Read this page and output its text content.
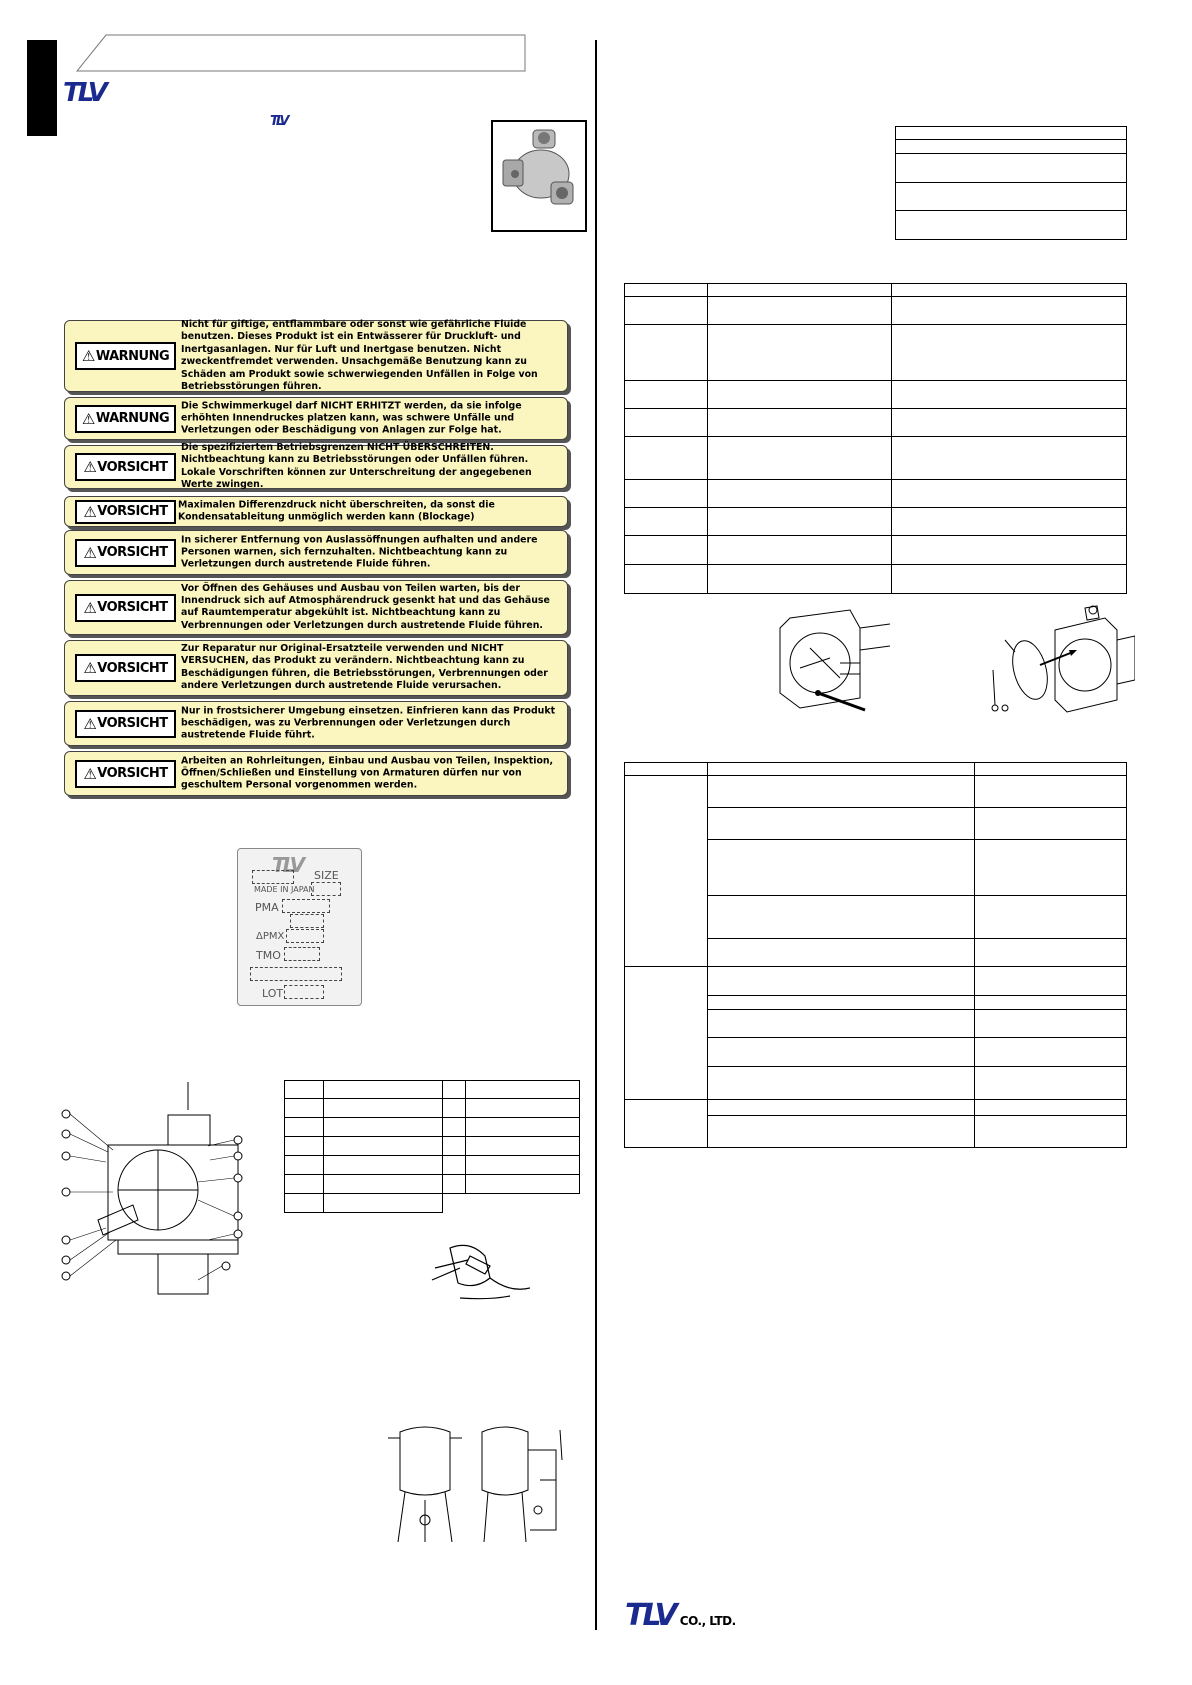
TLV
TLV
⚠ WARNUNG
Nicht für giftige, entflammbare oder sonst wie gefährliche Fluide benutzen. Dieses Produkt ist ein Entwässerer für Druckluft- und Inertgasanlagen. Nur für Luft und Inertgase benutzen. Nicht zweckentfremdet verwenden. Unsachgemäße Benutzung kann zu Schäden am Produkt sowie schwerwiegenden Unfällen in Folge von Betriebsstörungen führen.
⚠ WARNUNG
Die Schwimmerkugel darf NICHT ERHITZT werden, da sie infolge erhöhten Innendruckes platzen kann, was schwere Unfälle und Verletzungen oder Beschädigung von Anlagen zur Folge hat.
⚠ VORSICHT
Die spezifizierten Betriebsgrenzen NICHT ÜBERSCHREITEN. Nichtbeachtung kann zu Betriebsstörungen oder Unfällen führen. Lokale Vorschriften können zur Unterschreitung der angegebenen Werte zwingen.
⚠ VORSICHT Maximalen Differenzdruck nicht überschreiten, da sonst die Kondensatableitung unmöglich werden kann (Blockage)
⚠ VORSICHT
In sicherer Entfernung von Auslassöffnungen aufhalten und andere Personen warnen, sich fernzuhalten. Nichtbeachtung kann zu Verletzungen durch austretende Fluide führen.
⚠ VORSICHT
Vor Öffnen des Gehäuses und Ausbau von Teilen warten, bis der Innendruck sich auf Atmosphärendruck gesenkt hat und das Gehäuse auf Raumtemperatur abgekühlt ist. Nichtbeachtung kann zu Verbrennungen oder Verletzungen durch austretende Fluide führen.
⚠ VORSICHT
Zur Reparatur nur Original-Ersatzteile verwenden und NICHT VERSUCHEN, das Produkt zu verändern. Nichtbeachtung kann zu Beschädigungen führen, die Betriebsstörungen, Verbrennungen oder andere Verletzungen durch austretende Fluide verursachen.
⚠ VORSICHT
Nur in frostsicherer Umgebung einsetzen. Einfrieren kann das Produkt beschädigen, was zu Verbrennungen oder Verletzungen durch austretende Fluide führt.
⚠ VORSICHT
Arbeiten an Rohrleitungen, Einbau und Ausbau von Teilen, Inspektion, Öffnen/Schließen und Einstellung von Armaturen dürfen nur von geschultem Personal vorgenommen werden.
TLV SIZE
MADE IN JAPAN
PMA
ΔPMX
TMO
LOT

TLV CO., LTD.
